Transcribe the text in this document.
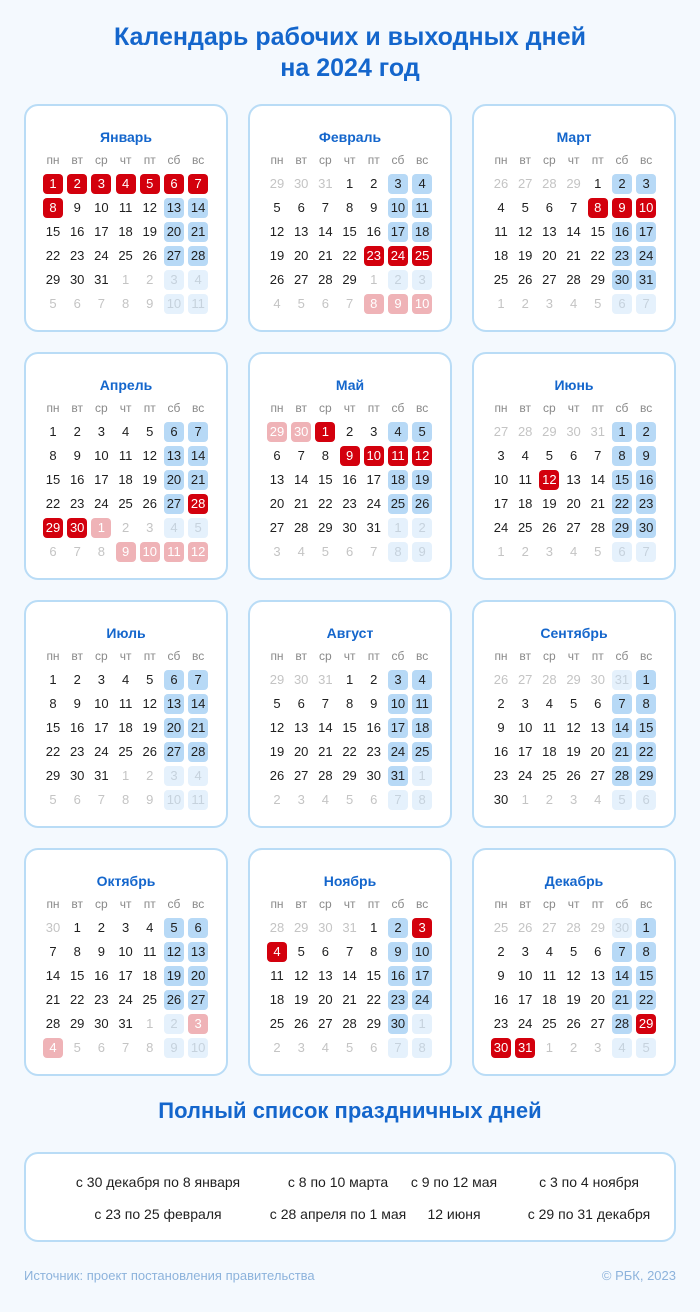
Календарь рабочих и выходных дней
на 2024 год
Январь
пн вт	ср чт	пт сб вс
1	2	3	4	5	6	7
8	9	10 11 12 13 14
15 16 17 18 19 20 21
22 23 24 25 26 27 28
29 30 31	1	2	3	4
5	6	7	8	9	10 11
Февраль
пн вт	ср чт	пт сб вс
29 30 31	1	2	3	4
5	6	7	8	9	10 11
12 13 14 15 16 17 18
19 20 21 22 23 24 25
26 27 28 29	1	2	3
4	5	6	7	8	9	10
Март
пн вт	ср чт	пт сб вс
26 27 28 29	1	2	3
4	5	6	7	8	9	10
11 12 13 14 15 16 17
18 19 20 21 22 23 24
25 26 27 28 29 30 31
1	2	3	4	5	6	7
Апрель
пн вт	ср чт	пт сб вс
1	2	3	4	5	6	7
8	9	10 11 12 13 14
15 16 17 18 19 20 21
22 23 24 25 26 27 28
29 30	1	2	3	4	5
6	7	8	9	10 11 12
Май
пн вт	ср чт	пт сб вс
29 30	1	2	3	4	5
6	7	8	9	10 11 12
13 14 15 16 17 18 19
20 21 22 23 24 25 26
27 28 29 30 31	1	2
3	4	5	6	7	8	9
Июнь
пн вт	ср чт	пт сб вс
27 28 29 30 31	1	2
3	4	5	6	7	8	9
10 11 12 13 14 15 16
17 18 19 20 21 22 23
24 25 26 27 28 29 30
1	2	3	4	5	6	7
Июль
пн вт	ср чт	пт сб вс
1	2	3	4	5	6	7
8	9	10 11 12 13 14
15 16 17 18 19 20 21
22 23 24 25 26 27 28
29 30 31	1	2	3	4
5	6	7	8	9	10 11
Август
пн вт	ср чт	пт сб вс
29 30 31	1	2	3	4
5	6	7	8	9	10 11
12 13 14 15 16 17 18
19 20 21 22 23 24 25
26 27 28 29 30 31	1
2	3	4	5	6	7	8
Сентябрь
пн вт	ср чт	пт сб вс
26 27 28 29 30 31	1
2	3	4	5	6	7	8
9	10 11 12 13 14 15
16 17 18 19 20 21 22
23 24 25 26 27 28 29
30	1	2	3	4	5	6
Октябрь
пн вт	ср чт	пт сб вс
30	1	2	3	4	5	6
7	8	9	10 11 12 13
14 15 16 17 18 19 20
21 22 23 24 25 26 27
28 29 30 31	1	2	3
4	5	6	7	8	9	10
Ноябрь
пн вт	ср чт	пт сб вс
28 29 30 31	1	2	3
4	5	6	7	8	9	10
11 12 13 14 15 16 17
18 19 20 21 22 23 24
25 26 27 28 29 30	1
2	3	4	5	6	7	8
Декабрь
пн вт	ср чт	пт сб вс
25 26 27 28 29 30	1
2	3	4	5	6	7	8
9	10 11 12 13 14 15
16 17 18 19 20 21 22
23 24 25 26 27 28 29
30 31	1	2	3	4	5
Полный список праздничных дней
с 30 декабря по 8 января	с 8 по 10 марта с 9 по 12 мая	с 3 по 4 ноября
с 23 по 25 февраля	с 28 апреля по 1 мая 12 июня	с 29 по 31 декабря
Источник: проект постановления правительства	© РБК, 2023
